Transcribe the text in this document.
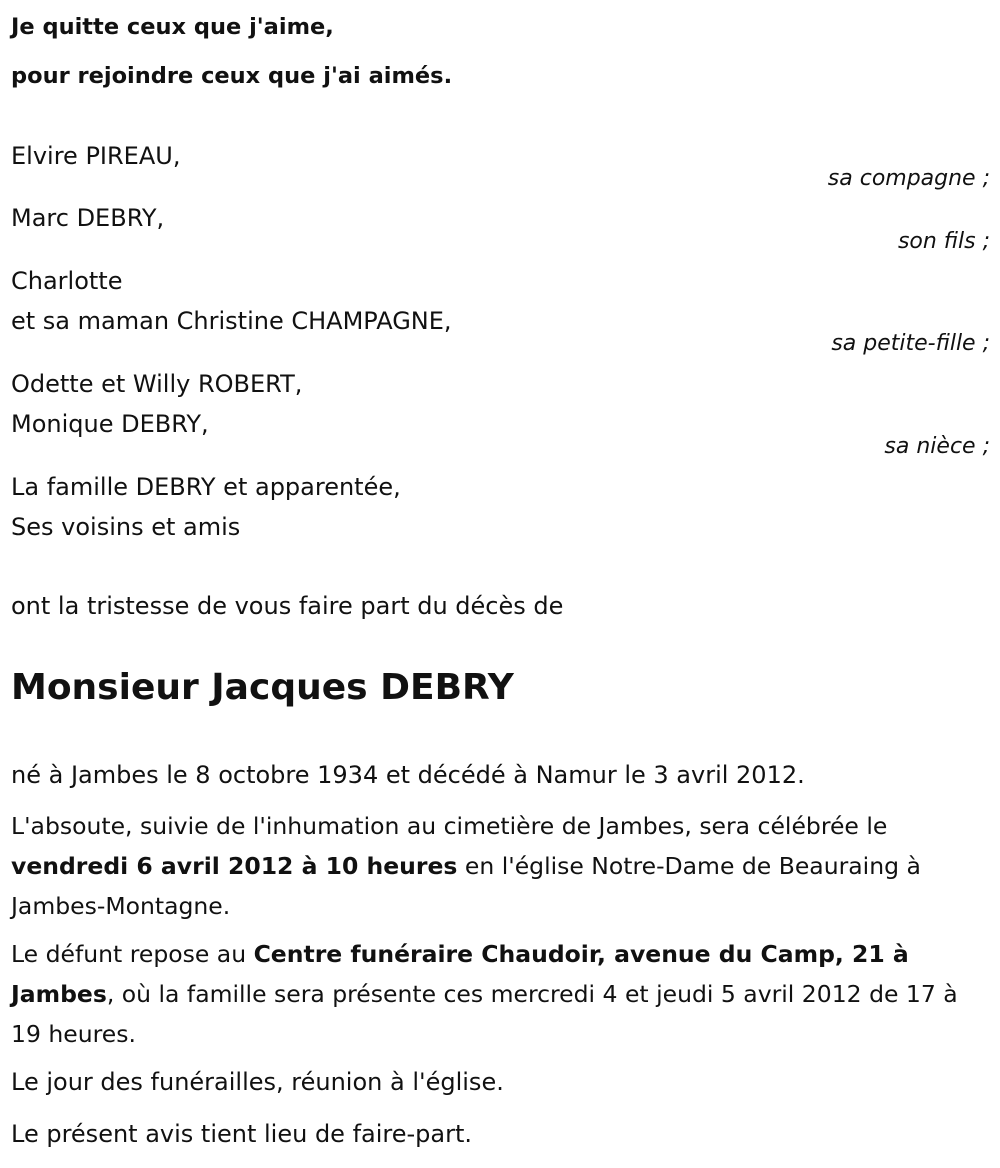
Je quitte ceux que j'aime,
pour rejoindre ceux que j'ai aimés.
Elvire PIREAU,
sa compagne ;
Marc DEBRY,
son fils ;
Charlotte
et sa maman Christine CHAMPAGNE,
sa petite-fille ;
Odette et Willy ROBERT,
Monique DEBRY,
sa nièce ;
La famille DEBRY et apparentée,
Ses voisins et amis
ont la tristesse de vous faire part du décès de
Monsieur Jacques DEBRY
né à Jambes le 8 octobre 1934 et décédé à Namur le 3 avril 2012.
L'absoute, suivie de l'inhumation au cimetière de Jambes, sera célébrée le vendredi 6 avril 2012 à 10 heures en l'église Notre-Dame de Beauraing à Jambes-Montagne.
Le défunt repose au Centre funéraire Chaudoir, avenue du Camp, 21 à Jambes, où la famille sera présente ces mercredi 4 et jeudi 5 avril 2012 de 17 à 19 heures.
Le jour des funérailles, réunion à l'église.
Le présent avis tient lieu de faire-part.
